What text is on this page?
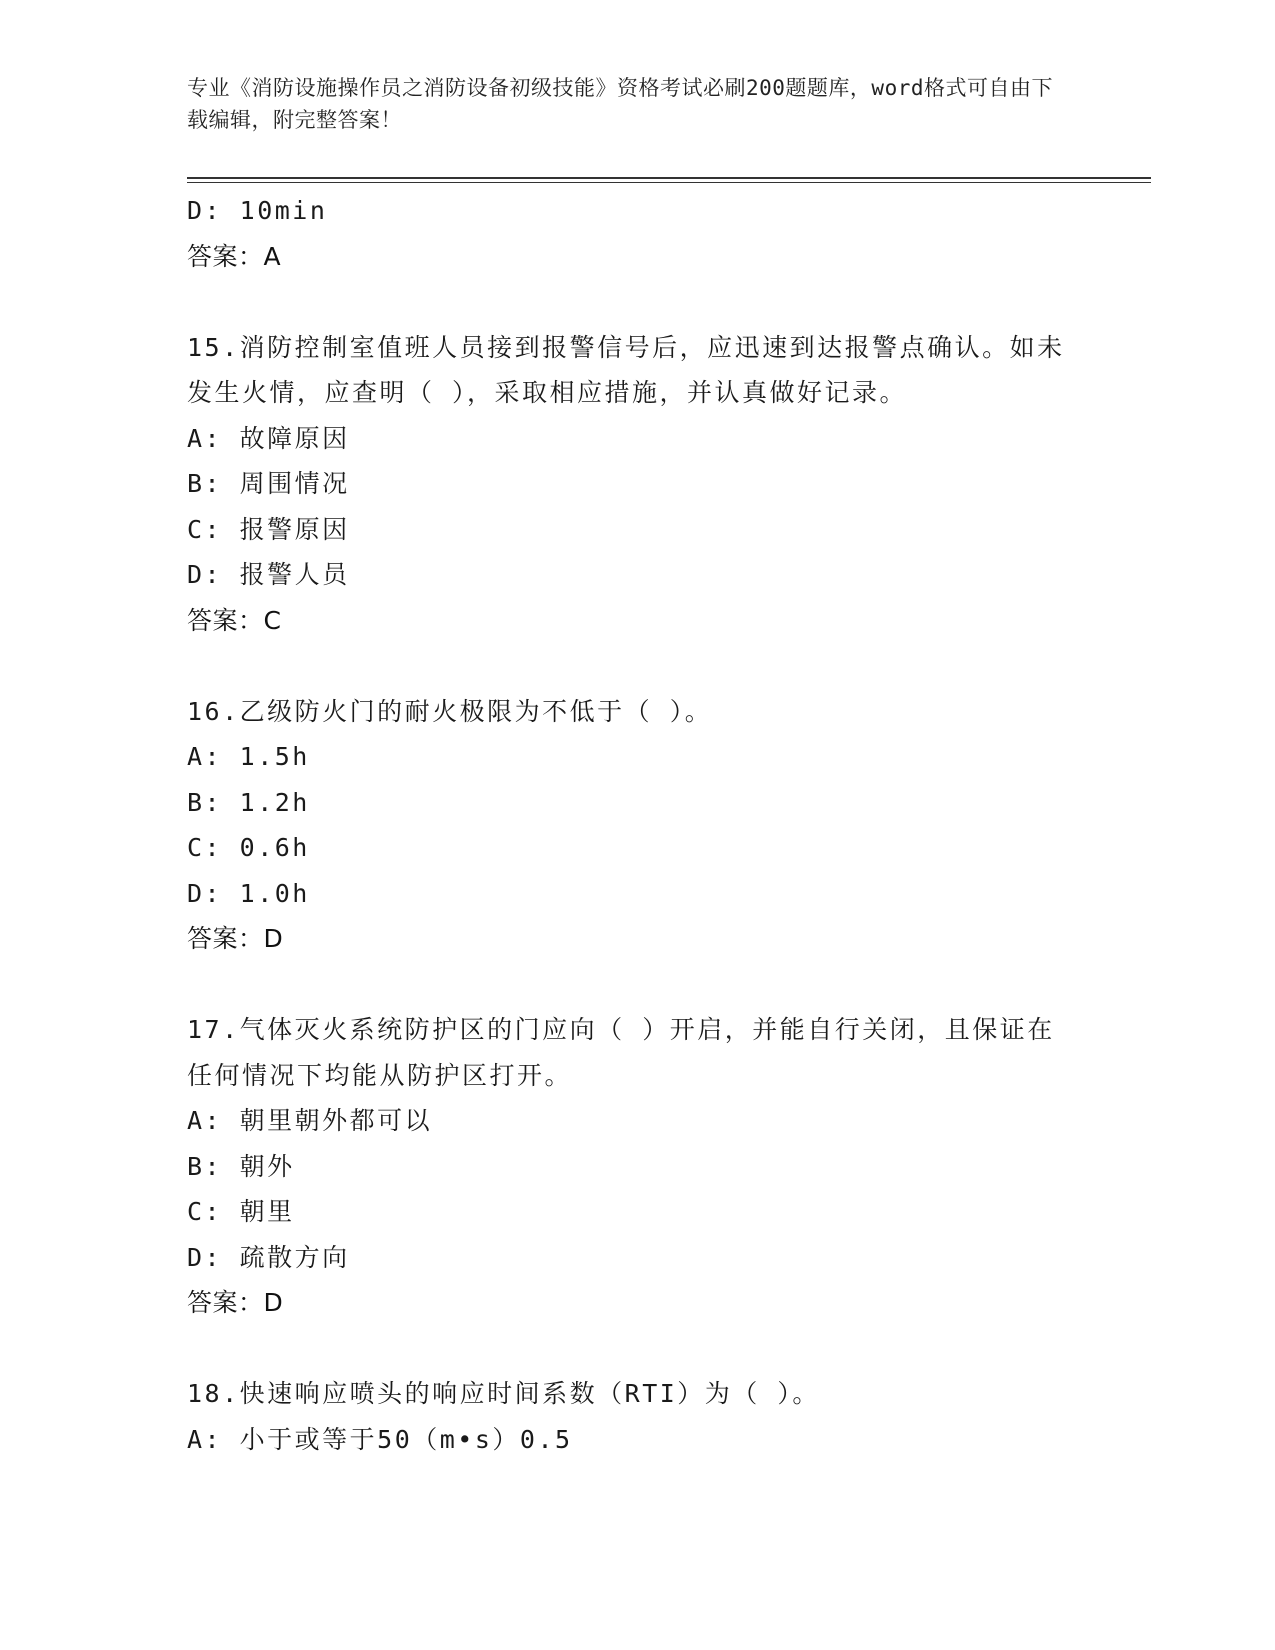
专业《消防设施操作员之消防设备初级技能》资格考试必刷200题题库，word格式可自由下载编辑，附完整答案！
D: 10min
答案：A
15.消防控制室值班人员接到报警信号后，应迅速到达报警点确认。如未发生火情，应查明（ ），采取相应措施，并认真做好记录。
A: 故障原因
B: 周围情况
C: 报警原因
D: 报警人员
答案：C
16.乙级防火门的耐火极限为不低于（ ）。
A: 1.5h
B: 1.2h
C: 0.6h
D: 1.0h
答案：D
17.气体灭火系统防护区的门应向（ ）开启，并能自行关闭，且保证在任何情况下均能从防护区打开。
A: 朝里朝外都可以
B: 朝外
C: 朝里
D: 疏散方向
答案：D
18.快速响应喷头的响应时间系数（RTI）为（ ）。
A: 小于或等于50（m•s）0.5
